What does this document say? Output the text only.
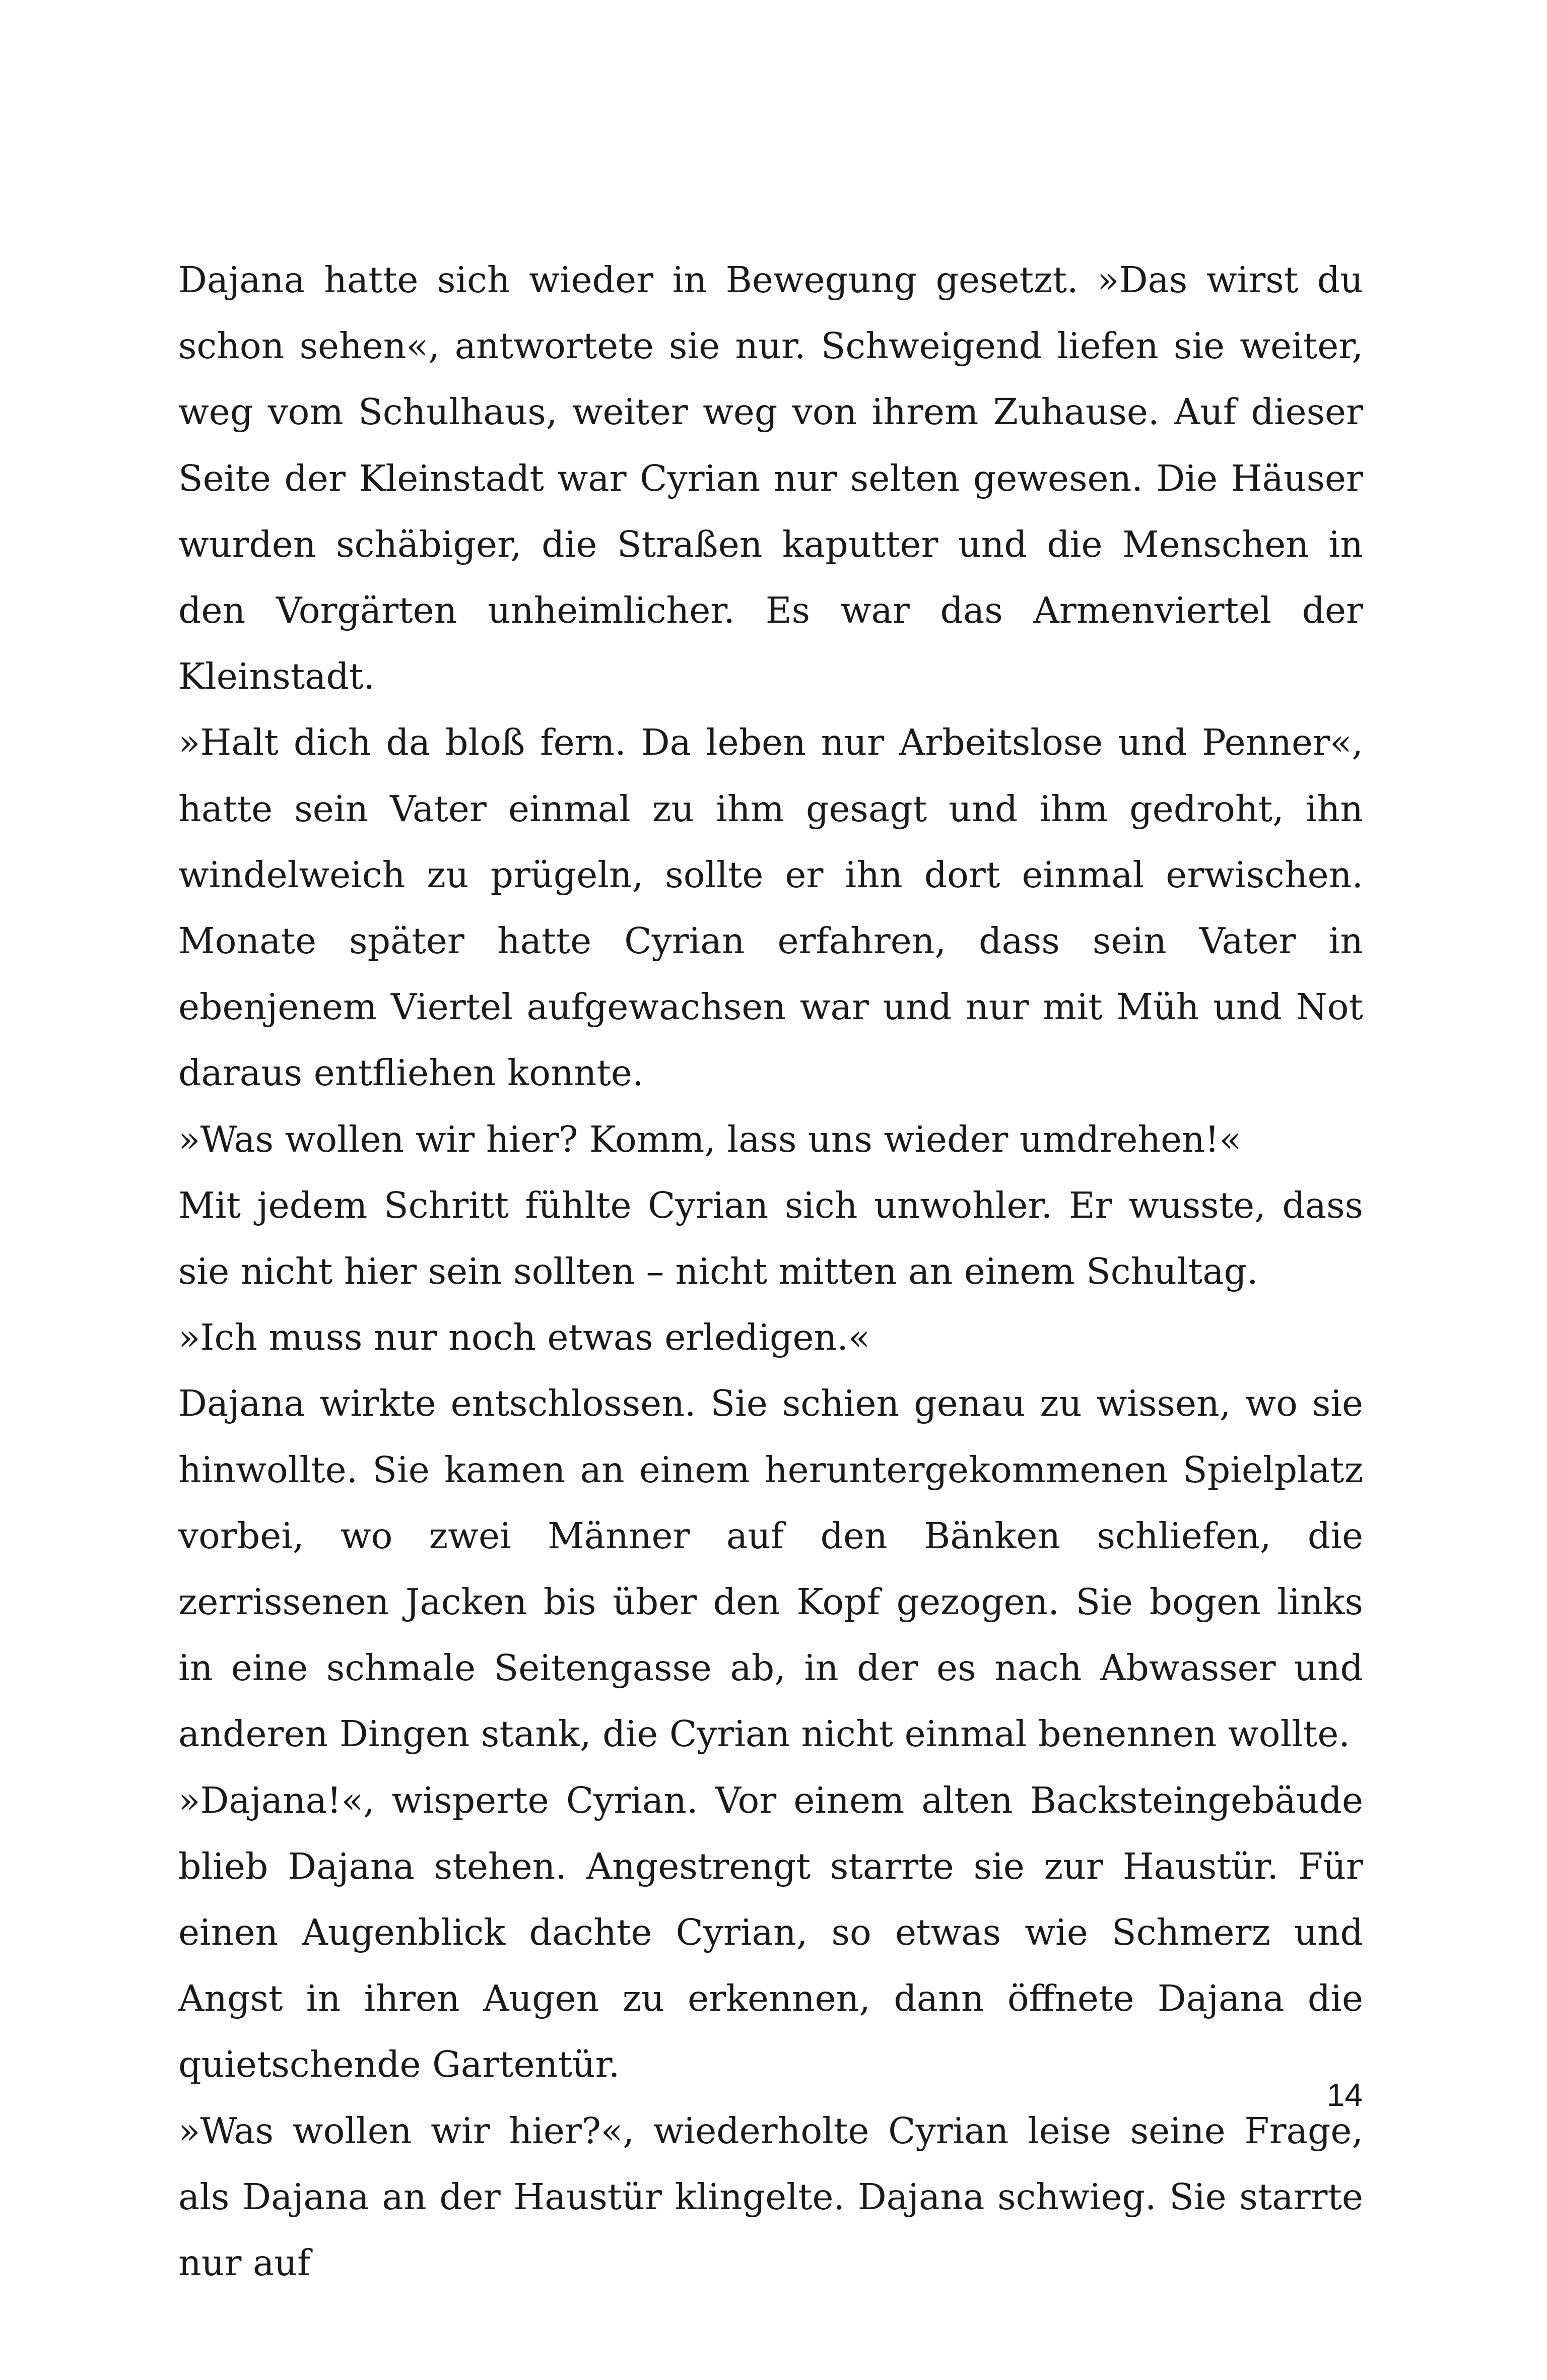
Dajana hatte sich wieder in Bewegung gesetzt. »Das wirst du schon sehen«, antwortete sie nur. Schweigend liefen sie weiter, weg vom Schulhaus, weiter weg von ihrem Zuhause. Auf dieser Seite der Kleinstadt war Cyrian nur selten gewesen. Die Häuser wurden schäbiger, die Straßen kaputter und die Menschen in den Vorgärten unheimlicher. Es war das Armenviertel der Kleinstadt.

»Halt dich da bloß fern. Da leben nur Arbeitslose und Penner«, hatte sein Vater einmal zu ihm gesagt und ihm gedroht, ihn windelweich zu prügeln, sollte er ihn dort einmal erwischen. Monate später hatte Cyrian erfahren, dass sein Vater in ebenjenem Viertel aufgewachsen war und nur mit Müh und Not daraus entfliehen konnte.

»Was wollen wir hier? Komm, lass uns wieder umdrehen!«

Mit jedem Schritt fühlte Cyrian sich unwohler. Er wusste, dass sie nicht hier sein sollten – nicht mitten an einem Schultag.

»Ich muss nur noch etwas erledigen.«

Dajana wirkte entschlossen. Sie schien genau zu wissen, wo sie hinwollte. Sie kamen an einem heruntergekommenen Spielplatz vorbei, wo zwei Männer auf den Bänken schliefen, die zerrissenen Jacken bis über den Kopf gezogen. Sie bogen links in eine schmale Seitengasse ab, in der es nach Abwasser und anderen Dingen stank, die Cyrian nicht einmal benennen wollte.

»Dajana!«, wisperte Cyrian. Vor einem alten Backsteingebäude blieb Dajana stehen. Angestrengt starrte sie zur Haustür. Für einen Augenblick dachte Cyrian, so etwas wie Schmerz und Angst in ihren Augen zu erkennen, dann öffnete Dajana die quietschende Gartentür.

»Was wollen wir hier?«, wiederholte Cyrian leise seine Frage, als Dajana an der Haustür klingelte. Dajana schwieg. Sie starrte nur auf

14
